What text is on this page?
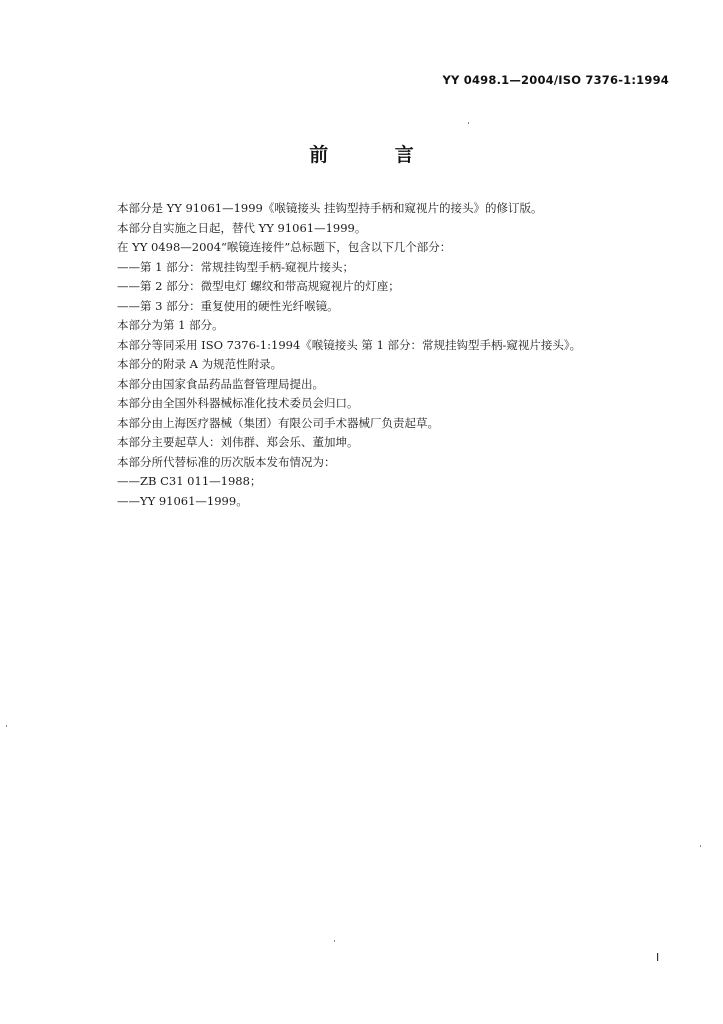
YY 0498.1—2004/ISO 7376-1:1994
前 言
本部分是 YY 91061—1999《喉镜接头 挂钩型持手柄和窥视片的接头》的修订版。
本部分自实施之日起，替代 YY 91061—1999。
在 YY 0498—2004“喉镜连接件”总标题下，包含以下几个部分：
——第 1 部分：常规挂钩型手柄-窥视片接头；
——第 2 部分：微型电灯 螺纹和带高规窥视片的灯座；
——第 3 部分：重复使用的硬性光纤喉镜。
本部分为第 1 部分。
本部分等同采用 ISO 7376-1:1994《喉镜接头 第 1 部分：常规挂钩型手柄-窥视片接头》。
本部分的附录 A 为规范性附录。
本部分由国家食品药品监督管理局提出。
本部分由全国外科器械标准化技术委员会归口。
本部分由上海医疗器械（集团）有限公司手术器械厂负责起草。
本部分主要起草人：刘伟群、郑会乐、董加坤。
本部分所代替标准的历次版本发布情况为：
——ZB C31 011—1988；
——YY 91061—1999。
I
